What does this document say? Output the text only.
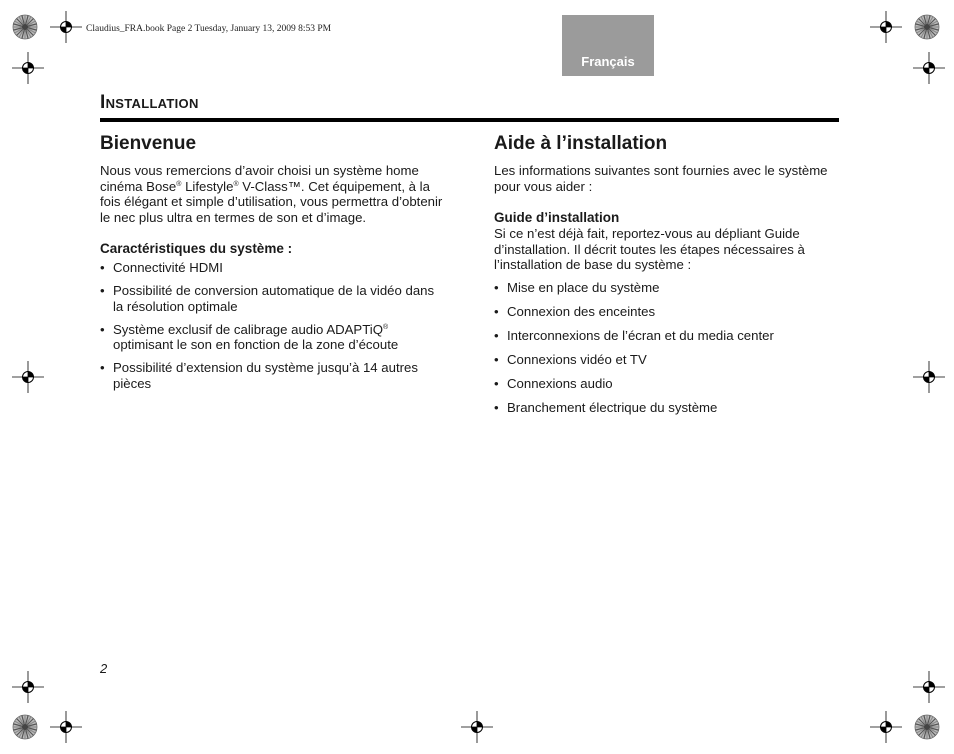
Claudius_FRA.book Page 2 Tuesday, January 13, 2009 8:53 PM
Français
Installation
Bienvenue

Nous vous remercions d’avoir choisi un système home cinéma Bose® Lifestyle® V-Class™. Cet équipement, à la fois élégant et simple d’utilisation, vous permettra d’obtenir le nec plus ultra en termes de son et d’image.

Caractéristiques du système :
• Connectivité HDMI
• Possibilité de conversion automatique de la vidéo dans la résolution optimale
• Système exclusif de calibrage audio ADAPTiQ® optimisant le son en fonction de la zone d’écoute
• Possibilité d’extension du système jusqu’à 14 autres pièces
Aide à l’installation

Les informations suivantes sont fournies avec le système pour vous aider :

Guide d’installation

Si ce n’est déjà fait, reportez-vous au dépliant Guide d’installation. Il décrit toutes les étapes nécessaires à l’installation de base du système :

• Mise en place du système
• Connexion des enceintes
• Interconnexions de l’écran et du media center
• Connexions vidéo et TV
• Connexions audio
• Branchement électrique du système
2
